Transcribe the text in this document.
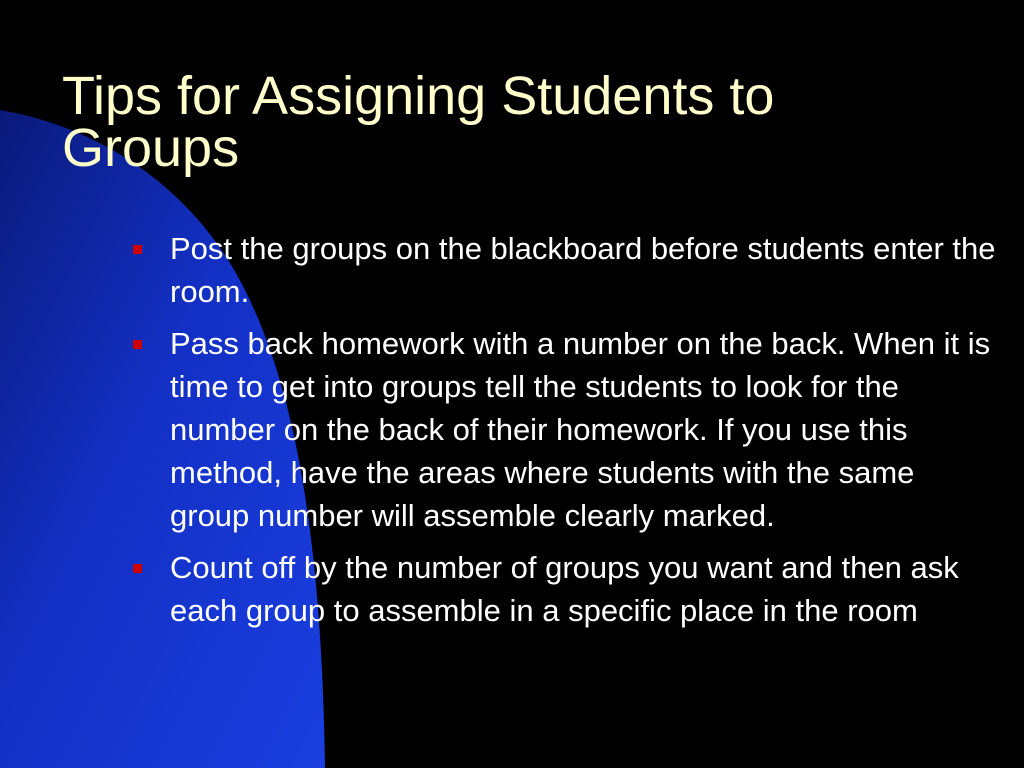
Tips for Assigning Students to Groups
Post the groups on the blackboard before students enter the room.
Pass back homework with a number on the back. When it is time to get into groups tell the students to look for the number on the back of their homework. If you use this method, have the areas where students with the same group number will assemble clearly marked.
Count off by the number of groups you want and then ask each group to assemble in a specific place in the room
